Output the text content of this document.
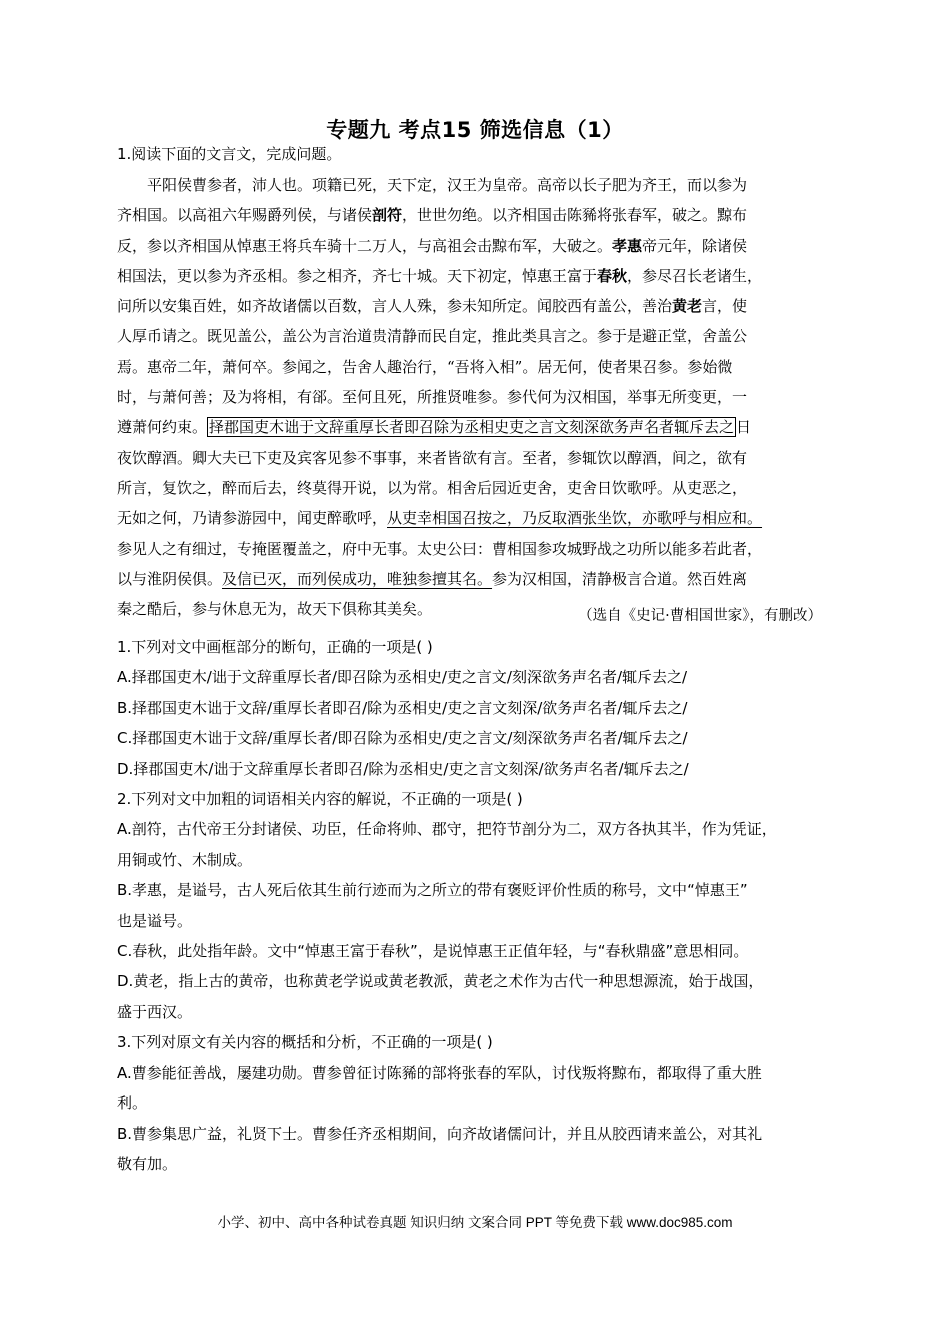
专题九 考点15 筛选信息（1）
1.阅读下面的文言文，完成问题。
平阳侯曹参者，沛人也。项籍已死，天下定，汉王为皇帝。高帝以长子肥为齐王，而以参为
齐相国。以高祖六年赐爵列侯，与诸侯剖符，世世勿绝。以齐相国击陈豨将张春军，破之。黥布
反，参以齐相国从悼惠王将兵车骑十二万人，与高祖会击黥布军，大破之。孝惠帝元年，除诸侯
相国法，更以参为齐丞相。参之相齐，齐七十城。天下初定，悼惠王富于春秋，参尽召长老诸生，
问所以安集百姓，如齐故诸儒以百数，言人人殊，参未知所定。闻胶西有盖公，善治黄老言，使
人厚币请之。既见盖公，盖公为言治道贵清静而民自定，推此类具言之。参于是避正堂，舍盖公
焉。惠帝二年，萧何卒。参闻之，告舍人趣治行，“吾将入相”。居无何，使者果召参。参始微
时，与萧何善；及为将相，有郤。至何且死，所推贤唯参。参代何为汉相国，举事无所变更，一
遵萧何约束。 择郡国吏木诎于文辞重厚长者即召除为丞相史吏之言文刻深欲务声名者辄斥去之 日
夜饮醇酒。卿大夫已下吏及宾客见参不事事，来者皆欲有言。至者，参辄饮以醇酒，间之，欲有
所言，复饮之，醉而后去，终莫得开说，以为常。相舍后园近吏舍，吏舍日饮歌呼。从吏恶之，
无如之何，乃请参游园中，闻吏醉歌呼，从吏幸相国召按之，乃反取酒张坐饮，亦歌呼与相应和。
参见人之有细过，专掩匿覆盖之，府中无事。太史公曰：曹相国参攻城野战之功所以能多若此者，
以与淮阴侯俱。及信已灭，而列侯成功，唯独参擅其名。参为汉相国，清静极言合道。然百姓离
秦之酷后，参与休息无为，故天下俱称其美矣。	（选自《史记·曹相国世家》，有删改）
1.下列对文中画框部分的断句，正确的一项是( )
A.择郡国吏木/诎于文辞重厚长者/即召除为丞相史/吏之言文/刻深欲务声名者/辄斥去之/
B.择郡国吏木诎于文辞/重厚长者即召/除为丞相史/吏之言文刻深/欲务声名者/辄斥去之/
C.择郡国吏木诎于文辞/重厚长者/即召除为丞相史/吏之言文/刻深欲务声名者/辄斥去之/
D.择郡国吏木/诎于文辞重厚长者即召/除为丞相史/吏之言文刻深/欲务声名者/辄斥去之/
2.下列对文中加粗的词语相关内容的解说，不正确的一项是( )
A.剖符，古代帝王分封诸侯、功臣，任命将帅、郡守，把符节剖分为二，双方各执其半，作为凭证，
用铜或竹、木制成。
B.孝惠，是谥号，古人死后依其生前行迹而为之所立的带有褒贬评价性质的称号，文中“悼惠王”
也是谥号。
C.春秋，此处指年龄。文中“悼惠王富于春秋”，是说悼惠王正值年轻，与“春秋鼎盛”意思相同。
D.黄老，指上古的黄帝，也称黄老学说或黄老教派，黄老之术作为古代一种思想源流，始于战国，
盛于西汉。
3.下列对原文有关内容的概括和分析，不正确的一项是( )
A.曹参能征善战，屡建功勋。曹参曾征讨陈豨的部将张春的军队，讨伐叛将黥布，都取得了重大胜
利。
B.曹参集思广益，礼贤下士。曹参任齐丞相期间，向齐故诸儒问计，并且从胶西请来盖公，对其礼
敬有加。
小学、初中、高中各种试卷真题 知识归纳 文案合同 PPT 等免费下载 www.doc985.com
